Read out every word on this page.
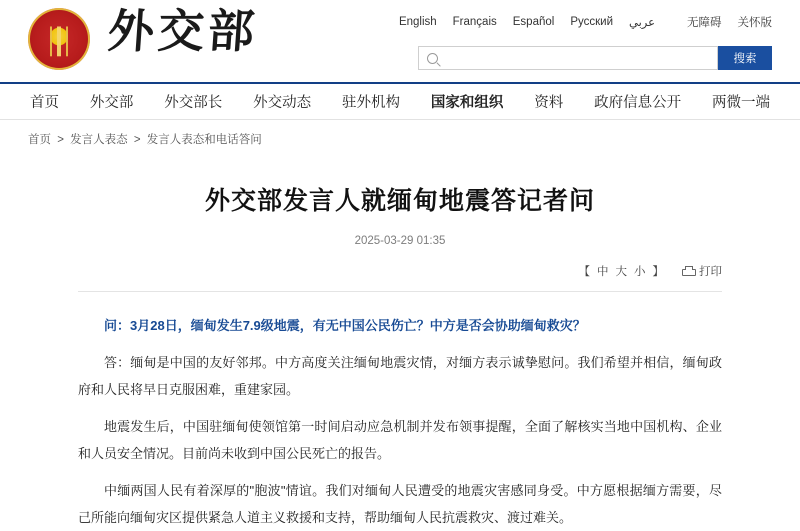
外交部	English Français Español Русский عربي	无障碍 关怀版
搜索
首页 外交部 外交部长 外交动态 驻外机构 国家和组织 资料 政府信息公开 两微一端
首页 > 发言人表态 > 发言人表态和电话答问
外交部发言人就缅甸地震答记者问
2025-03-29 01:35
【 中 大 小 】	打印

问：3月28日，缅甸发生7.9级地震，有无中国公民伤亡？中方是否会协助缅甸救灾？

答：缅甸是中国的友好邻邦。中方高度关注缅甸地震灾情，对缅方表示诚挚慰问。我们希望并相信，缅甸政府和人民将早日克服困难，重建家园。

地震发生后，中国驻缅甸使领馆第一时间启动应急机制并发布领事提醒，全面了解核实当地中国机构、企业和人员安全情况。目前尚未收到中国公民死亡的报告。

中缅两国人民有着深厚的"胞波"情谊。我们对缅甸人民遭受的地震灾害感同身受。中方愿根据缅方需要，尽己所能向缅甸灾区提供紧急人道主义救援和支持，帮助缅甸人民抗震救灾、渡过难关。
